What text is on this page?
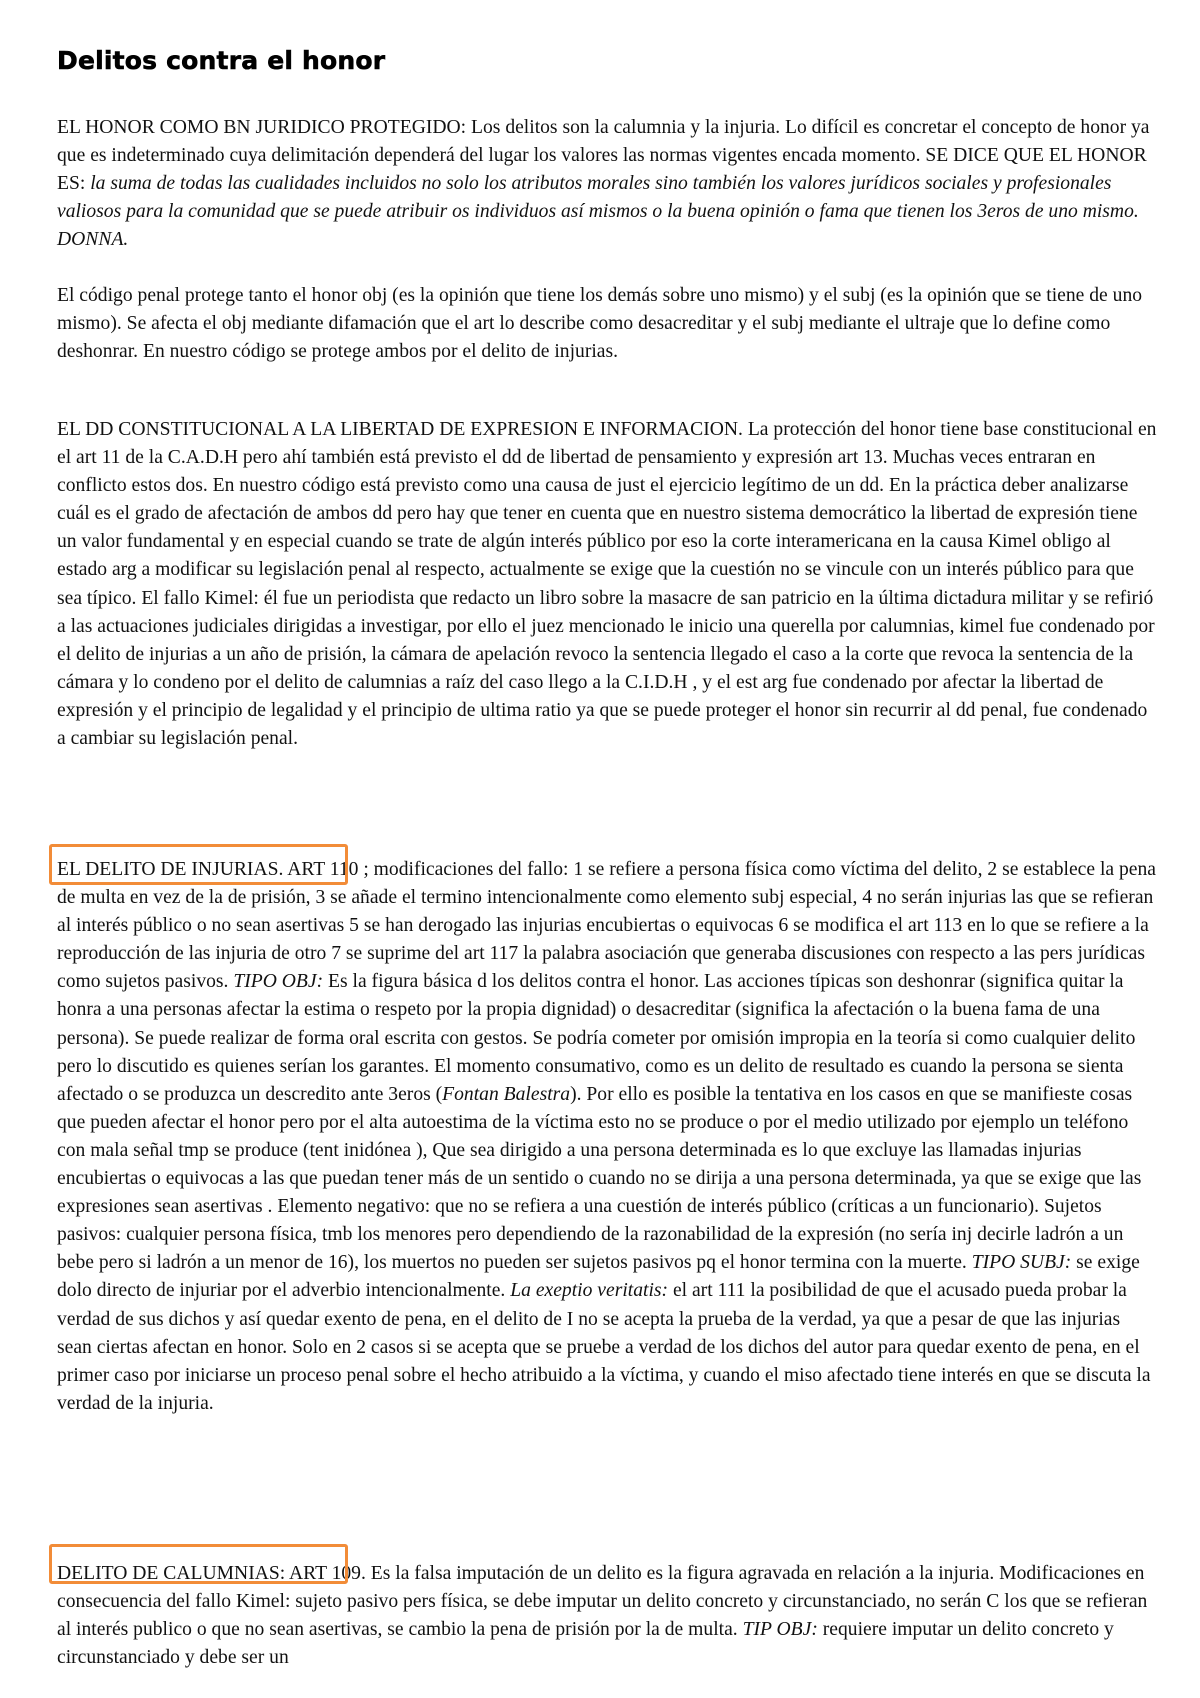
Delitos contra el honor

EL HONOR COMO BN JURIDICO PROTEGIDO: Los delitos son la calumnia y la injuria. Lo difícil es concretar el concepto de honor ya que es indeterminado cuya delimitación dependerá del lugar los valores las normas vigentes encada momento. SE DICE QUE EL HONOR ES: la suma de todas las cualidades incluidos no solo los atributos morales sino también los valores jurídicos sociales y profesionales valiosos para la comunidad que se puede atribuir os individuos así mismos o la buena opinión o fama que tienen los 3eros de uno mismo. DONNA.

El código penal protege tanto el honor obj (es la opinión que tiene los demás sobre uno mismo) y el subj (es la opinión que se tiene de uno mismo). Se afecta el obj mediante difamación que el art lo describe como desacreditar y el subj mediante el ultraje que lo define como deshonrar. En nuestro código se protege ambos por el delito de injurias.

EL DD CONSTITUCIONAL A LA LIBERTAD DE EXPRESION E INFORMACION. La protección del honor tiene base constitucional en el art 11 de la C.A.D.H pero ahí también está previsto el dd de libertad de pensamiento y expresión art 13. Muchas veces entraran en conflicto estos dos. En nuestro código está previsto como una causa de just el ejercicio legítimo de un dd. En la práctica deber analizarse cuál es el grado de afectación de ambos dd pero hay que tener en cuenta que en nuestro sistema democrático la libertad de expresión tiene un valor fundamental y en especial cuando se trate de algún interés público por eso la corte interamericana en la causa Kimel obligo al estado arg a modificar su legislación penal al respecto, actualmente se exige que la cuestión no se vincule con un interés público para que sea típico. El fallo Kimel: él fue un periodista que redacto un libro sobre la masacre de san patricio en la última dictadura militar y se refirió a las actuaciones judiciales dirigidas a investigar, por ello el juez mencionado le inicio una querella por calumnias, kimel fue condenado por el delito de injurias a un año de prisión, la cámara de apelación revoco la sentencia llegado el caso a la corte que revoca la sentencia de la cámara y lo condeno por el delito de calumnias a raíz del caso llego a la C.I.D.H , y el est arg fue condenado por afectar la libertad de expresión y el principio de legalidad y el principio de ultima ratio ya que se puede proteger el honor sin recurrir al dd penal, fue condenado a cambiar su legislación penal.

EL DELITO DE INJURIAS. ART 110 ; modificaciones del fallo: 1 se refiere a persona física como víctima del delito, 2 se establece la pena de multa en vez de la de prisión, 3 se añade el termino intencionalmente como elemento subj especial, 4 no serán injurias las que se refieran al interés público o no sean asertivas 5 se han derogado las injurias encubiertas o equivocas 6 se modifica el art 113 en lo que se refiere a la reproducción de las injuria de otro 7 se suprime del art 117 la palabra asociación que generaba discusiones con respecto a las pers jurídicas como sujetos pasivos. TIPO OBJ: Es la figura básica d los delitos contra el honor. Las acciones típicas son deshonrar (significa quitar la honra a una personas afectar la estima o respeto por la propia dignidad) o desacreditar (significa la afectación o la buena fama de una persona). Se puede realizar de forma oral escrita con gestos. Se podría cometer por omisión impropia en la teoría si como cualquier delito pero lo discutido es quienes serían los garantes. El momento consumativo, como es un delito de resultado es cuando la persona se sienta afectado o se produzca un descredito ante 3eros (Fontan Balestra). Por ello es posible la tentativa en los casos en que se manifieste cosas que pueden afectar el honor pero por el alta autoestima de la víctima esto no se produce o por el medio utilizado por ejemplo un teléfono con mala señal tmp se produce (tent inidónea ), Que sea dirigido a una persona determinada es lo que excluye las llamadas injurias encubiertas o equivocas a las que puedan tener más de un sentido o cuando no se dirija a una persona determinada, ya que se exige que las expresiones sean asertivas . Elemento negativo: que no se refiera a una cuestión de interés público (críticas a un funcionario). Sujetos pasivos: cualquier persona física, tmb los menores pero dependiendo de la razonabilidad de la expresión (no sería inj decirle ladrón a un bebe pero si ladrón a un menor de 16), los muertos no pueden ser sujetos pasivos pq el honor termina con la muerte. TIPO SUBJ: se exige dolo directo de injuriar por el adverbio intencionalmente. La exeptio veritatis: el art 111 la posibilidad de que el acusado pueda probar la verdad de sus dichos y así quedar exento de pena, en el delito de I no se acepta la prueba de la verdad, ya que a pesar de que las injurias sean ciertas afectan en honor. Solo en 2 casos si se acepta que se pruebe a verdad de los dichos del autor para quedar exento de pena, en el primer caso por iniciarse un proceso penal sobre el hecho atribuido a la víctima, y cuando el miso afectado tiene interés en que se discuta la verdad de la injuria.

DELITO DE CALUMNIAS: ART 109. Es la falsa imputación de un delito es la figura agravada en relación a la injuria. Modificaciones en consecuencia del fallo Kimel: sujeto pasivo pers física, se debe imputar un delito concreto y circunstanciado, no serán C los que se refieran al interés publico o que no sean asertivas, se cambio la pena de prisión por la de multa. TIP OBJ: requiere imputar un delito concreto y circunstanciado y debe ser un
